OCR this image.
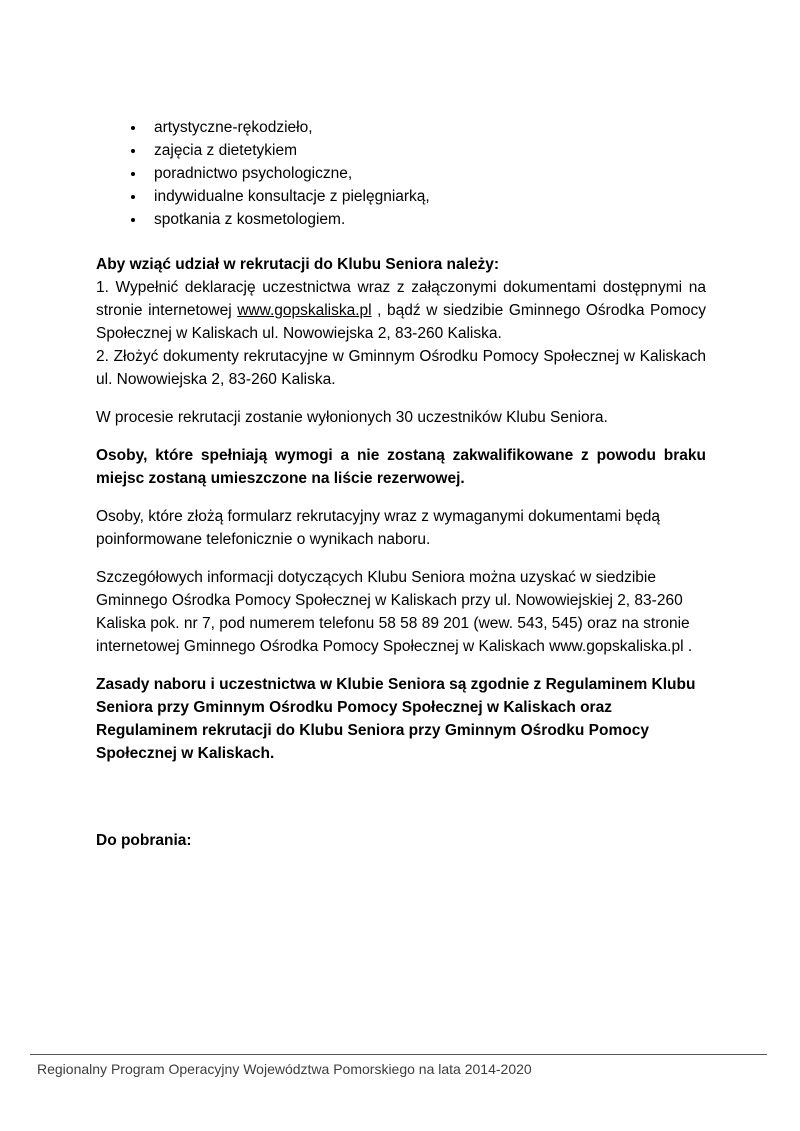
• artystyczne-rękodzieło,
• zajęcia z dietetykiem
• poradnictwo psychologiczne,
• indywidualne konsultacje z pielęgniarką,
• spotkania z kosmetologiem.

Aby wziąć udział w rekrutacji do Klubu Seniora należy:

1. Wypełnić deklarację uczestnictwa wraz z załączonymi dokumentami dostępnymi na stronie internetowej www.gopskaliska.pl , bądź w siedzibie Gminnego Ośrodka Pomocy Społecznej w Kaliskach ul. Nowowiejska 2, 83-260 Kaliska.

2. Złożyć dokumenty rekrutacyjne w Gminnym Ośrodku Pomocy Społecznej w Kaliskach ul. Nowowiejska 2, 83-260 Kaliska.

W procesie rekrutacji zostanie wyłonionych 30 uczestników Klubu Seniora.

Osoby, które spełniają wymogi a nie zostaną zakwalifikowane z powodu braku miejsc zostaną umieszczone na liście rezerwowej.

Osoby, które złożą formularz rekrutacyjny wraz z wymaganymi dokumentami będą poinformowane telefonicznie o wynikach naboru.

Szczegółowych informacji dotyczących Klubu Seniora można uzyskać w siedzibie Gminnego Ośrodka Pomocy Społecznej w Kaliskach przy ul. Nowowiejskiej 2, 83-260 Kaliska pok. nr 7, pod numerem telefonu 58 58 89 201 (wew. 543, 545) oraz na stronie internetowej Gminnego Ośrodka Pomocy Społecznej w Kaliskach www.gopskaliska.pl .

Zasady naboru i uczestnictwa w Klubie Seniora są zgodnie z Regulaminem Klubu Seniora przy Gminnym Ośrodku Pomocy Społecznej w Kaliskach oraz Regulaminem rekrutacji do Klubu Seniora przy Gminnym Ośrodku Pomocy Społecznej w Kaliskach.

Do pobrania:

Regionalny Program Operacyjny Województwa Pomorskiego na lata 2014-2020
